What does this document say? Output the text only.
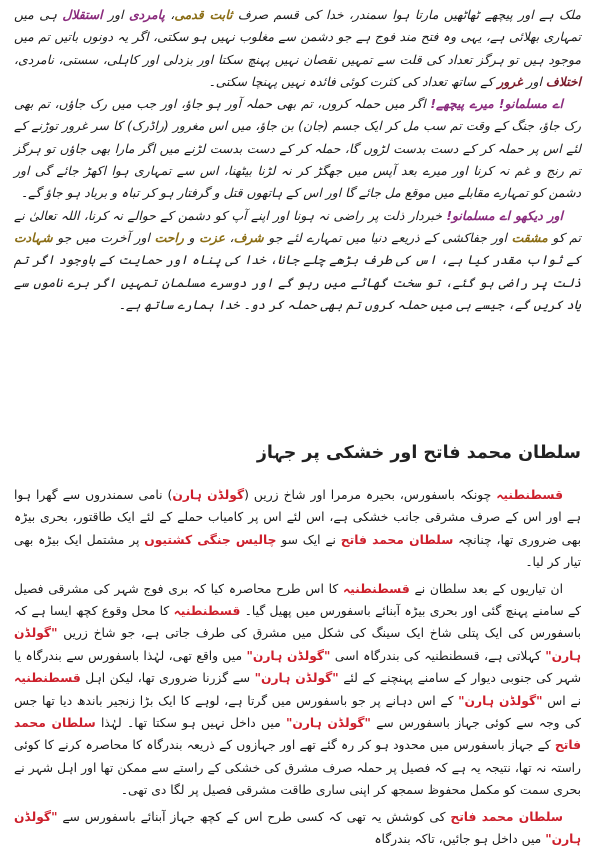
ملک ہے اور پیچھے ٹھاٹھیں مارتا ہوا سمندر، خدا کی قسم صرف ثابت قدمی، پامردی اور استقلال ہی میں تمہاری بھلائی ہے، یہی وہ فتح مند فوج ہے جو دشمن سے مغلوب نہیں ہو سکتی، اگر یہ دونوں باتیں تم میں موجود ہیں تو ہرگز تعداد کی قلت سے تمہیں نقصان نہیں پہنچ سکتا اور بزدلی اور کاہلی، سستی، نامردی، اختلاف اور غرور کے ساتھ تعداد کی کثرت کوئی فائدہ نہیں پہنچا سکتی۔

اے مسلمانو! میرے پیچھے! اگر میں حملہ کروں، تم بھی حملہ آور ہو جاؤ، اور جب میں رک جاؤں، تم بھی رک جاؤ، جنگ کے وقت تم سب مل کر ایک جسم (جان) بن جاؤ، میں اس مغرور (راڈرک) کا سر غرور توڑنے کے لئے اس پر حملہ کر کے دست بدست لڑوں گا، حملہ کر کے دست بدست لڑنے میں اگر مارا بھی جاؤں تو ہرگز تم رنج و غم نہ کرنا اور میرے بعد آپس میں جھگڑ کر نہ لڑنا بیٹھنا، اس سے تمہاری ہوا اکھڑ جائے گی اور دشمن کو تمہارے مقابلے میں موقع مل جائے گا اور اس کے ہاتھوں قتل و گرفتار ہو کر تباہ و برباد ہو جاؤ گے۔

اور دیکھو اے مسلمانو! خبردار ذلت پر راضی نہ ہونا اور اپنے آپ کو دشمن کے حوالے نہ کرنا، اللہ تعالیٰ نے تم کو مشقت اور جفاکشی کے ذریعے دنیا میں تمہارے لئے جو شرف، عزت و راحت اور آخرت میں جو شہادت کے ثواب مقدر کیا ہے، اس کی طرف بڑھے چلے جانا، خدا کی پناہ اور حمایت کے باوجود اگر تم ذلت پر راضی ہو گئے، تو سخت گھاٹے میں رہو گے اور دوسرے مسلمان تمہیں اگر برے ناموں سے یاد کریں گے، جیسے ہی میں حملہ کروں تم بھی حملہ کر دو۔ خدا ہمارے ساتھ ہے۔

سلطان محمد فاتح اور خشکی پر جہاز

قسطنطنیہ چونکہ باسفورس، بحیرہ مرمرا اور شاخ زریں (گولڈن ہارن) نامی سمندروں سے گھرا ہوا ہے اور اس کے صرف مشرقی جانب خشکی ہے، اس لئے اس پر کامیاب حملے کے لئے ایک طاقتور، بحری بیڑہ بھی ضروری تھا، چنانچہ سلطان محمد فاتح نے ایک سو چالیس جنگی کشتیوں پر مشتمل ایک بیڑہ بھی تیار کر لیا۔

ان تیاریوں کے بعد سلطان نے قسطنطنیہ کا اس طرح محاصرہ کیا کہ بری فوج شہر کی مشرقی فصیل کے سامنے پہنچ گئی اور بحری بیڑہ آبنائے باسفورس میں پھیل گیا۔ قسطنطنیہ کا محل وقوع کچھ ایسا ہے کہ باسفورس کی ایک پتلی شاخ ایک سینگ کی شکل میں مشرق کی طرف جاتی ہے، جو شاخ زریں "گولڈن ہارن" کہلاتی ہے، قسطنطنیہ کی بندرگاہ اسی "گولڈن ہارن" میں واقع تھی، لہٰذا باسفورس سے بندرگاہ یا شہر کی جنوبی دیوار کے سامنے پہنچنے کے لئے "گولڈن ہارن" سے گزرنا ضروری تھا، لیکن اہل قسطنطنیہ نے اس "گولڈن ہارن" کے اس دہانے پر جو باسفورس میں گرتا ہے، لوہے کا ایک بڑا زنجیر باندھ دیا تھا جس کی وجہ سے کوئی جہاز باسفورس سے "گولڈن ہارن" میں داخل نہیں ہو سکتا تھا۔ لہٰذا سلطان محمد فاتح کے جہاز باسفورس میں محدود ہو کر رہ گئے تھے اور جہازوں کے ذریعہ بندرگاہ کا محاصرہ کرنے کا کوئی راستہ نہ تھا، نتیجہ یہ ہے کہ فصیل پر حملہ صرف مشرق کی خشکی کے راستے سے ممکن تھا اور اہل شہر نے بحری سمت کو مکمل محفوظ سمجھ کر اپنی ساری طاقت مشرقی فصیل پر لگا دی تھی۔

سلطان محمد فاتح کی کوشش یہ تھی کہ کسی طرح اس کے کچھ جہاز آبنائے باسفورس سے "گولڈن ہارن" میں داخل ہو جائیں، تاکہ بندرگاہ
